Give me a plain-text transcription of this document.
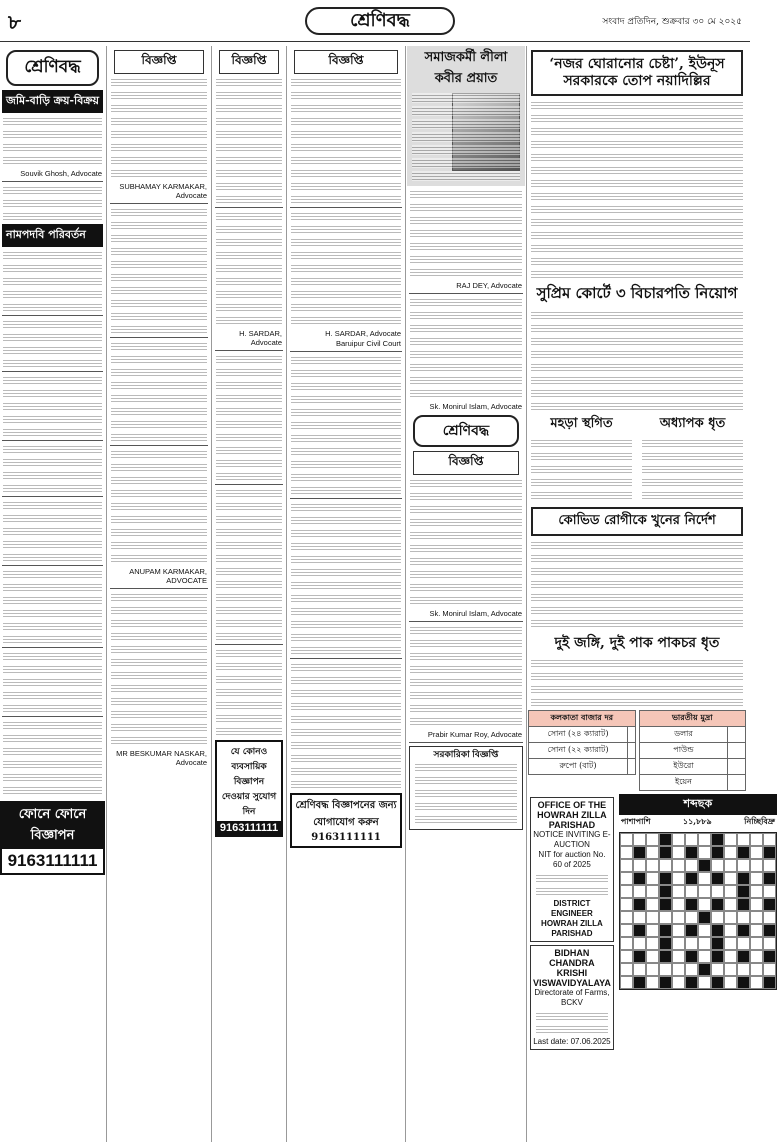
৮	শ্রেণিবদ্ধ	সংবাদ প্রতিদিন, শুক্রবার ৩০ মে ২০২৫
শ্রেণিবদ্ধ
জমি-বাড়ি ক্রয়-বিক্রয়
Souvik Ghosh, Advocate
নামপদবি পরিবর্তন
ফোনে ফোনে বিজ্ঞাপন
9163111111
বিজ্ঞপ্তি
SUBHAMAY KARMAKAR, Advocate
ANUPAM KARMAKAR, ADVOCATE
MR BESKUMAR NASKAR, Advocate
বিজ্ঞপ্তি
H. SARDAR, Advocate
যে কোনও ব্যবসায়িক বিজ্ঞাপন দেওয়ার সুযোগ দিন
9163111111
বিজ্ঞপ্তি
H. SARDAR, Advocate
Baruipur Civil Court
শ্রেণিবদ্ধ বিজ্ঞাপনের জন্য যোগাযোগ করুন 9163111111
সমাজকর্মী লীলা কবীর প্রয়াত
RAJ DEY, Advocate
Sk. Monirul Islam, Advocate
শ্রেণিবদ্ধ
বিজ্ঞপ্তি
Sk. Monirul Islam, Advocate
Prabir Kumar Roy, Advocate
সরকারিকা বিজ্ঞপ্তি
‘নজর ঘোরানোর চেষ্টা’, ইউনূস সরকারকে তোপ নয়াদিল্লির
সুপ্রিম কোর্টে ৩ বিচারপতি নিয়োগ
মহড়া স্থগিত	অধ্যাপক ধৃত
কোভিড রোগীকে খুনের নির্দেশ
দুই জঙ্গি, দুই পাক পাকচর ধৃত
কলকাতা বাজার দর	
সোনা (২৪ ক্যারাট)	
সোনা (২২ ক্যারাট)	
রুপো (বাট)	
ভারতীয় মুদ্রা	
ডলার	
পাউন্ড	
ইউরো	
ইয়েন	
OFFICE OF THE HOWRAH ZILLA PARISHAD
NOTICE INVITING E-AUCTION
NIT for auction No. 60 of 2025
DISTRICT ENGINEER HOWRAH ZILLA PARISHAD
BIDHAN CHANDRA KRISHI VISWAVIDYALAYA
Directorate of Farms, BCKV
Last date: 07.06.2025
শব্দছক
পাশাপাশি	১১,৮৮৯	নিচ্ছিবিদ্রু
